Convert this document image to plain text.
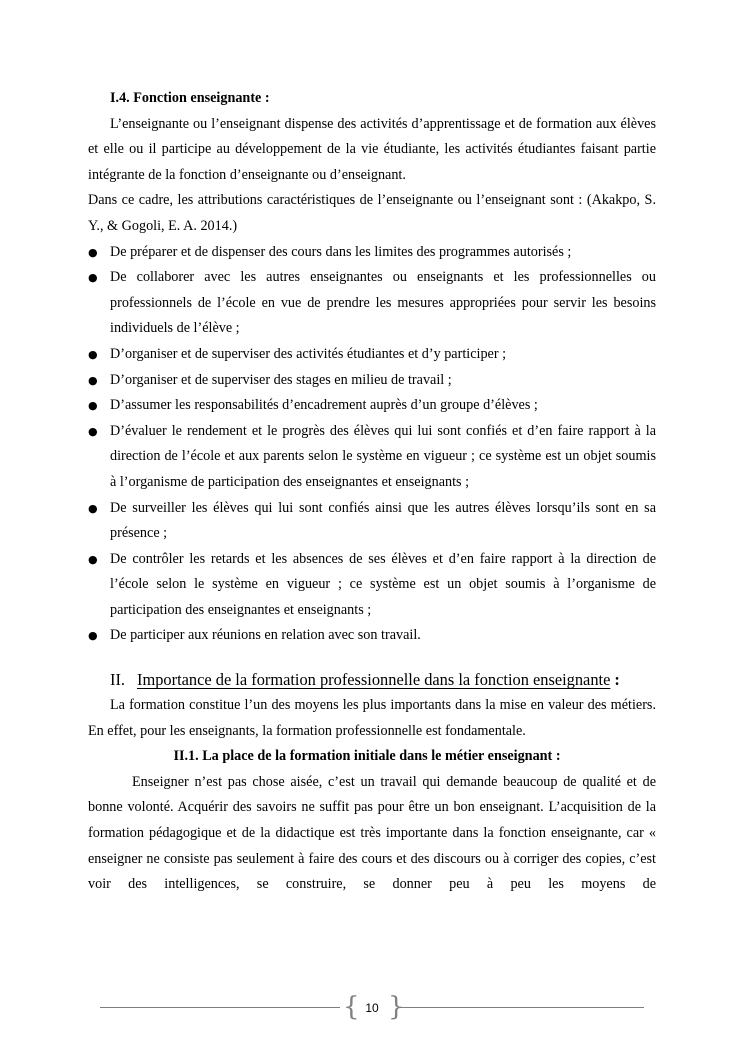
I.4. Fonction enseignante :

L’enseignante ou l’enseignant dispense des activités d’apprentissage et de formation aux élèves et elle ou il participe au développement de la vie étudiante, les activités étudiantes faisant partie intégrante de la fonction d’enseignante ou d’enseignant.

Dans ce cadre, les attributions caractéristiques de l’enseignante ou l’enseignant sont : (Akakpo, S. Y., & Gogoli, E. A. 2014.)

● De préparer et de dispenser des cours dans les limites des programmes autorisés ;
● De collaborer avec les autres enseignantes ou enseignants et les professionnelles ou professionnels de l’école en vue de prendre les mesures appropriées pour servir les besoins individuels de l’élève ;
● D’organiser et de superviser des activités étudiantes et d’y participer ;
● D’organiser et de superviser des stages en milieu de travail ;
● D’assumer les responsabilités d’encadrement auprès d’un groupe d’élèves ;
● D’évaluer le rendement et le progrès des élèves qui lui sont confiés et d’en faire rapport à la direction de l’école et aux parents selon le système en vigueur ; ce système est un objet soumis à l’organisme de participation des enseignantes et enseignants ;
● De surveiller les élèves qui lui sont confiés ainsi que les autres élèves lorsqu’ils sont en sa présence ;
● De contrôler les retards et les absences de ses élèves et d’en faire rapport à la direction de l’école selon le système en vigueur ; ce système est un objet soumis à l’organisme de participation des enseignantes et enseignants ;
● De participer aux réunions en relation avec son travail.

II. Importance de la formation professionnelle dans la fonction enseignante :

La formation constitue l’un des moyens les plus importants dans la mise en valeur des métiers. En effet, pour les enseignants, la formation professionnelle est fondamentale.

II.1. La place de la formation initiale dans le métier enseignant :

Enseigner n’est pas chose aisée, c’est un travail qui demande beaucoup de qualité et de bonne volonté. Acquérir des savoirs ne suffit pas pour être un bon enseignant. L’acquisition de la formation pédagogique et de la didactique est très importante dans la fonction enseignante, car « enseigner ne consiste pas seulement à faire des cours et des discours ou à corriger des copies, c’est voir des intelligences, se construire, se donner peu à peu les moyens de

{ 10 }
